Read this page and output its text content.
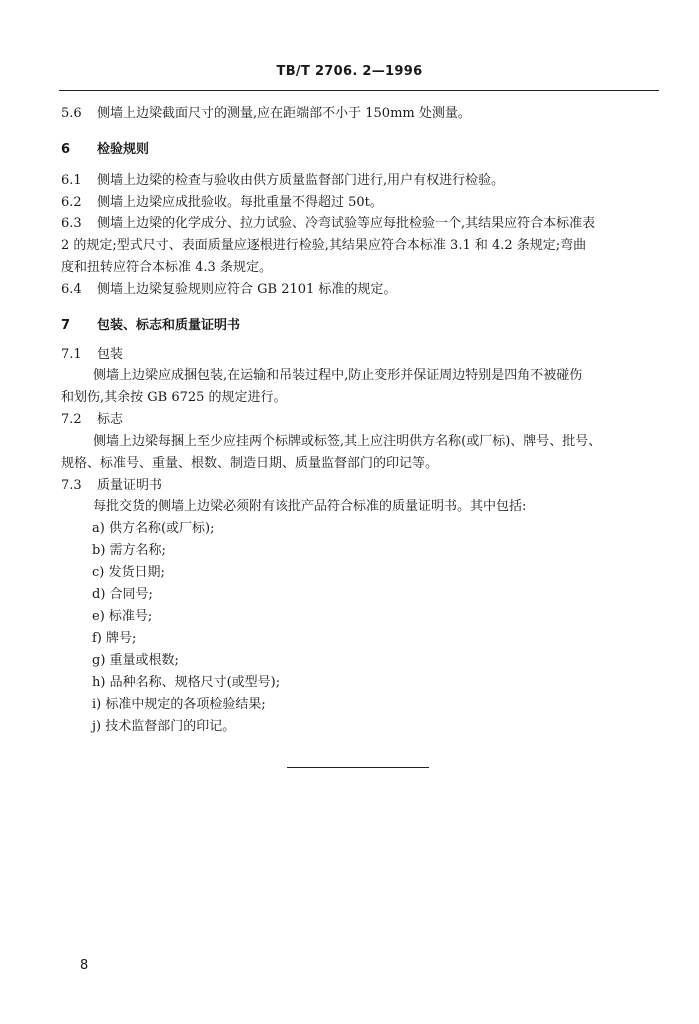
TB/T 2706. 2—1996
5.6 侧墙上边梁截面尺寸的测量,应在距端部不小于 150mm 处测量。
6 检验规则
6.1 侧墙上边梁的检查与验收由供方质量监督部门进行,用户有权进行检验。
6.2 侧墙上边梁应成批验收。每批重量不得超过 50t。
6.3 侧墙上边梁的化学成分、拉力试验、冷弯试验等应每批检验一个,其结果应符合本标准表
2 的规定;型式尺寸、表面质量应逐根进行检验,其结果应符合本标准 3.1 和 4.2 条规定;弯曲
度和扭转应符合本标准 4.3 条规定。
6.4 侧墙上边梁复验规则应符合 GB 2101 标准的规定。
7 包装、标志和质量证明书
7.1 包装
侧墙上边梁应成捆包装,在运输和吊装过程中,防止变形并保证周边特别是四角不被碰伤
和划伤,其余按 GB 6725 的规定进行。
7.2 标志
侧墙上边梁每捆上至少应挂两个标牌或标签,其上应注明供方名称(或厂标)、牌号、批号、
规格、标准号、重量、根数、制造日期、质量监督部门的印记等。
7.3 质量证明书
每批交货的侧墙上边梁必须附有该批产品符合标准的质量证明书。其中包括:
a) 供方名称(或厂标);
b) 需方名称;
c) 发货日期;
d) 合同号;
e) 标准号;
f) 牌号;
g) 重量或根数;
h) 品种名称、规格尺寸(或型号);
i) 标准中规定的各项检验结果;
j) 技术监督部门的印记。
8
